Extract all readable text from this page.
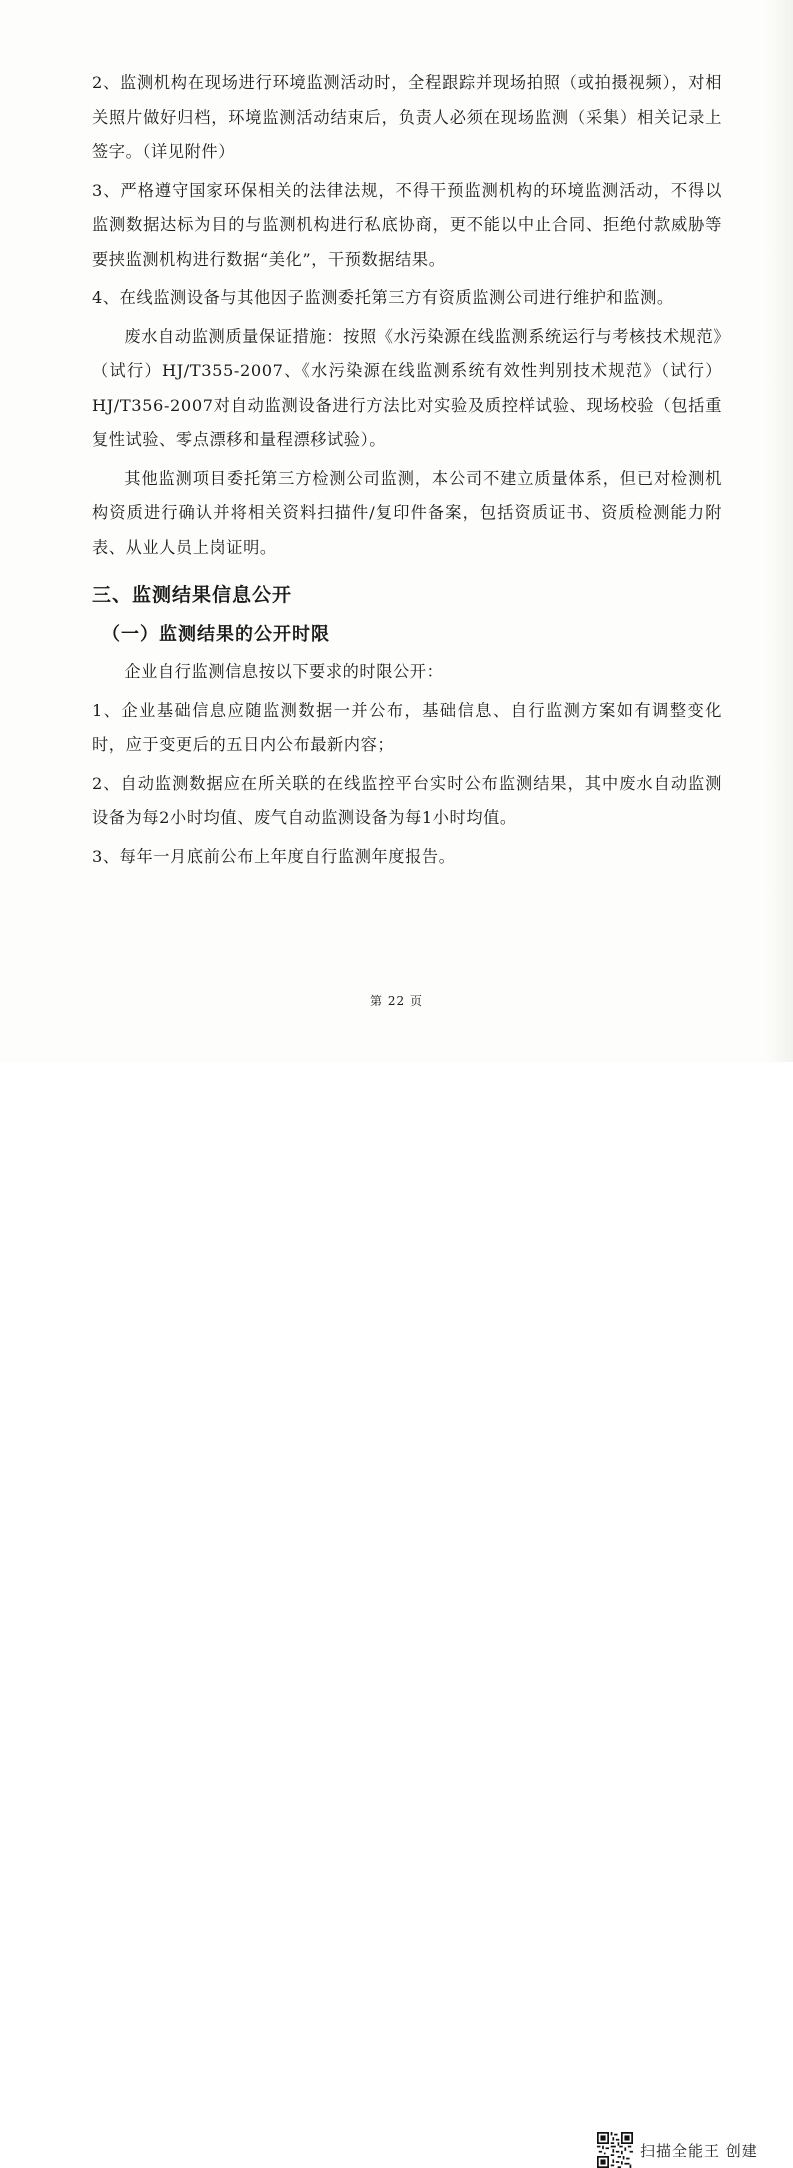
2、监测机构在现场进行环境监测活动时，全程跟踪并现场拍照（或拍摄视频），对相关照片做好归档，环境监测活动结束后，负责人必须在现场监测（采集）相关记录上签字。（详见附件）

3、严格遵守国家环保相关的法律法规，不得干预监测机构的环境监测活动，不得以监测数据达标为目的与监测机构进行私底协商，更不能以中止合同、拒绝付款威胁等要挟监测机构进行数据“美化”，干预数据结果。

4、在线监测设备与其他因子监测委托第三方有资质监测公司进行维护和监测。

废水自动监测质量保证措施：按照《水污染源在线监测系统运行与考核技术规范》（试行）HJ/T355-2007、《水污染源在线监测系统有效性判别技术规范》（试行）HJ/T356-2007对自动监测设备进行方法比对实验及质控样试验、现场校验（包括重复性试验、零点漂移和量程漂移试验）。

其他监测项目委托第三方检测公司监测，本公司不建立质量体系，但已对检测机构资质进行确认并将相关资料扫描件/复印件备案，包括资质证书、资质检测能力附表、从业人员上岗证明。

三、监测结果信息公开
（一）监测结果的公开时限

企业自行监测信息按以下要求的时限公开：

1、企业基础信息应随监测数据一并公布，基础信息、自行监测方案如有调整变化时，应于变更后的五日内公布最新内容；

2、自动监测数据应在所关联的在线监控平台实时公布监测结果，其中废水自动监测设备为每2小时均值、废气自动监测设备为每1小时均值。

3、每年一月底前公布上年度自行监测年度报告。

第 22 页
扫描全能王 创建
